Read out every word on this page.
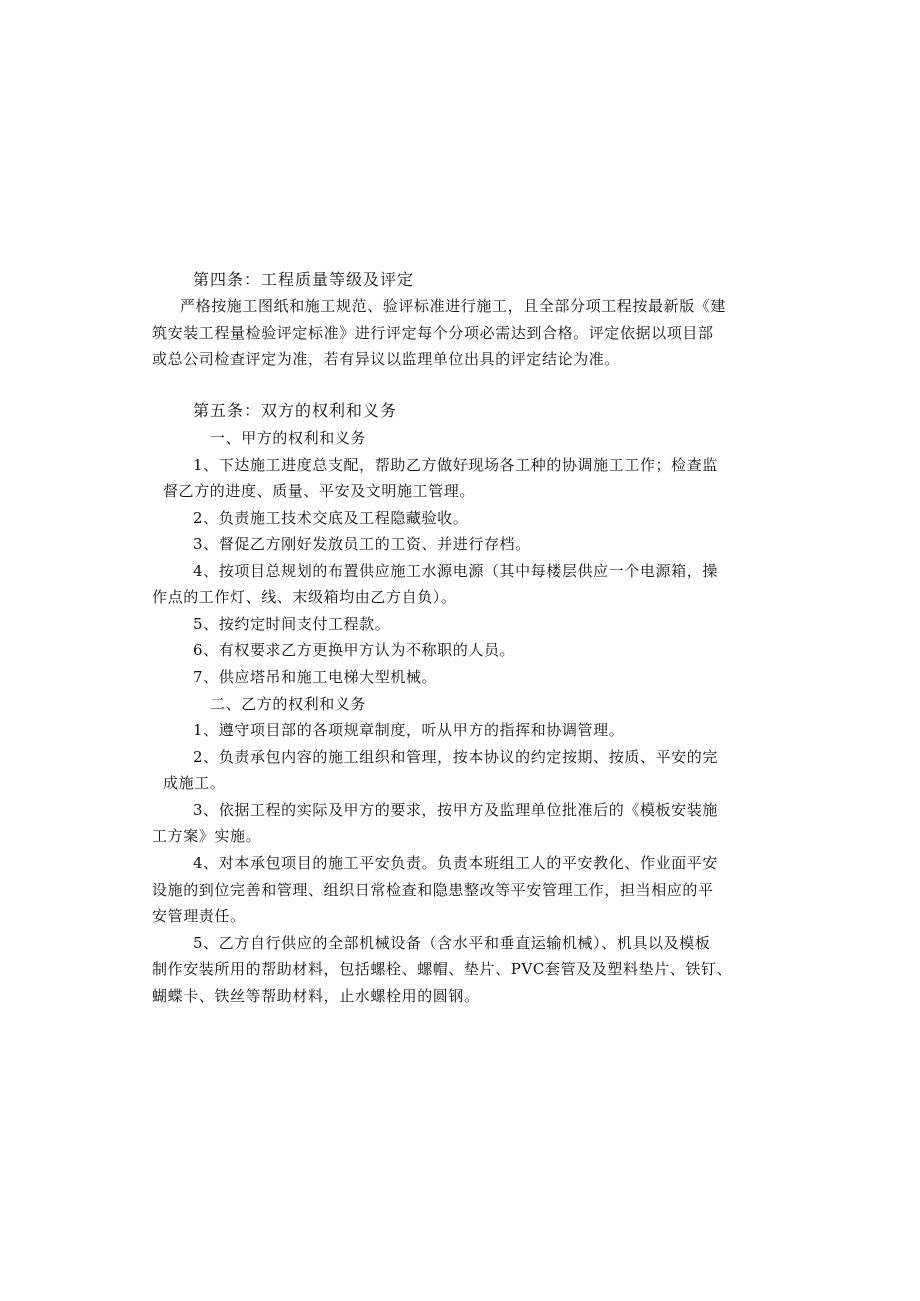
第四条：工程质量等级及评定

严格按施工图纸和施工规范、验评标准进行施工，且全部分项工程按最新版《建

筑安装工程量检验评定标准》进行评定每个分项必需达到合格。评定依据以项目部

或总公司检查评定为准，若有异议以监理单位出具的评定结论为准。

第五条：双方的权利和义务

一、甲方的权利和义务

1、下达施工进度总支配，帮助乙方做好现场各工种的协调施工工作；检查监

督乙方的进度、质量、平安及文明施工管理。

2、负责施工技术交底及工程隐藏验收。

3、督促乙方刚好发放员工的工资、并进行存档。

4、按项目总规划的布置供应施工水源电源（其中每楼层供应一个电源箱，操

作点的工作灯、线、末级箱均由乙方自负）。

5、按约定时间支付工程款。

6、有权要求乙方更换甲方认为不称职的人员。

7、供应塔吊和施工电梯大型机械。

二、乙方的权利和义务

1、遵守项目部的各项规章制度，听从甲方的指挥和协调管理。

2、负责承包内容的施工组织和管理，按本协议的约定按期、按质、平安的完

成施工。

3、依据工程的实际及甲方的要求，按甲方及监理单位批准后的《模板安装施

工方案》实施。

4、对本承包项目的施工平安负责。负责本班组工人的平安教化、作业面平安

设施的到位完善和管理、组织日常检查和隐患整改等平安管理工作，担当相应的平

安管理责任。

5、乙方自行供应的全部机械设备（含水平和垂直运输机械）、机具以及模板

制作安装所用的帮助材料，包括螺栓、螺帽、垫片、PVC套管及及塑料垫片、铁钉、

蝴蝶卡、铁丝等帮助材料，止水螺栓用的圆钢。
